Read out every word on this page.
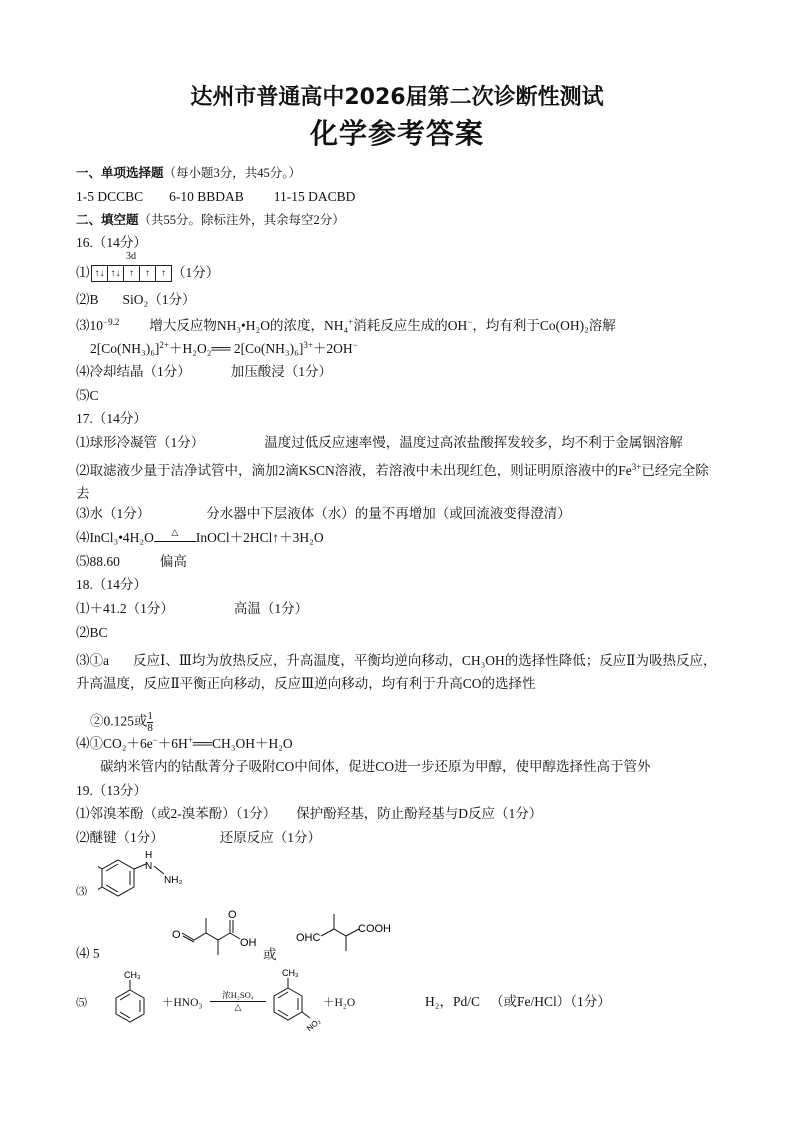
达州市普通高中2026届第二次诊断性测试
化学参考答案
一、单项选择题（每小题3分，共45分。）
1-5 DCCBC 6-10 BBDAB 11-15 DACBD
二、填空题（共55分。除标注外，其余每空2分）
16.（14分）
⑴
3d
↑↓ ↑↓ ↑	↑	↑ （1分）
⑵B SiO₂（1分）
$⑶10^{-9.2}$ 增大反应物NH₃•H₂O的浓度，NH₄+消耗反应生成的OH−，均有利于Co(OH)₂溶解
$2[Co(NH_3)_6]^{2+}+H_2O_2══$ $2[Co(NH_3)_6]^{3+}+2OH^-$
⑷冷却结晶（1分）	加压酸浸（1分）
⑸C
17.（14分）
⑴球形冷凝管（1分）	温度过低反应速率慢，温度过高浓盐酸挥发较多，均不利于金属铟溶解
⑵取滤液少量于洁净试管中，滴加2滴KSCN溶液，若溶液中未出现红色，则证明原溶液中的$Fe^{3+}$已经完全除去
⑶水（1分）	分水器中下层液体（水）的量不再增加（或回流液变得澄清）
⑷InCl₃•4H₂O	△	InOCl＋2HCl↑＋3H₂O
⑸88.60	偏高
18.（14分）
⑴＋41.2（1分）	高温（1分）
⑵BC
⑶①a 反应Ⅰ、Ⅲ均为放热反应，升高温度，平衡均逆向移动，CH₃OH的选择性降低；反应Ⅱ为吸热反应，升高温度，反应Ⅱ平衡正向移动，反应Ⅲ逆向移动，均有利于升高CO的选择性
②0.125或 $\frac{1}{8}$
⑷①CO₂＋6e−＋6H+══CH₃OH＋H₂O
碳纳米管内的钴酞菁分子吸附CO中间体，促进CO进一步还原为甲醇，使甲醇选择性高于管外
19.（13分）
⑴邻溴苯酚（或2-溴苯酚）（1分） 保护酚羟基，防止酚羟基与D反应（1分）
⑵醚键（1分）	还原反应（1分）
⑶
H
N
NH₂
⑷ 5
O
O
OH
或
OHC
COOH
⑸
CH₃
＋HNO₃
浓H₂SO₄
△
CH₃
NO₂
＋H₂O	H₂，Pd/C （或Fe/HCl）（1分）
